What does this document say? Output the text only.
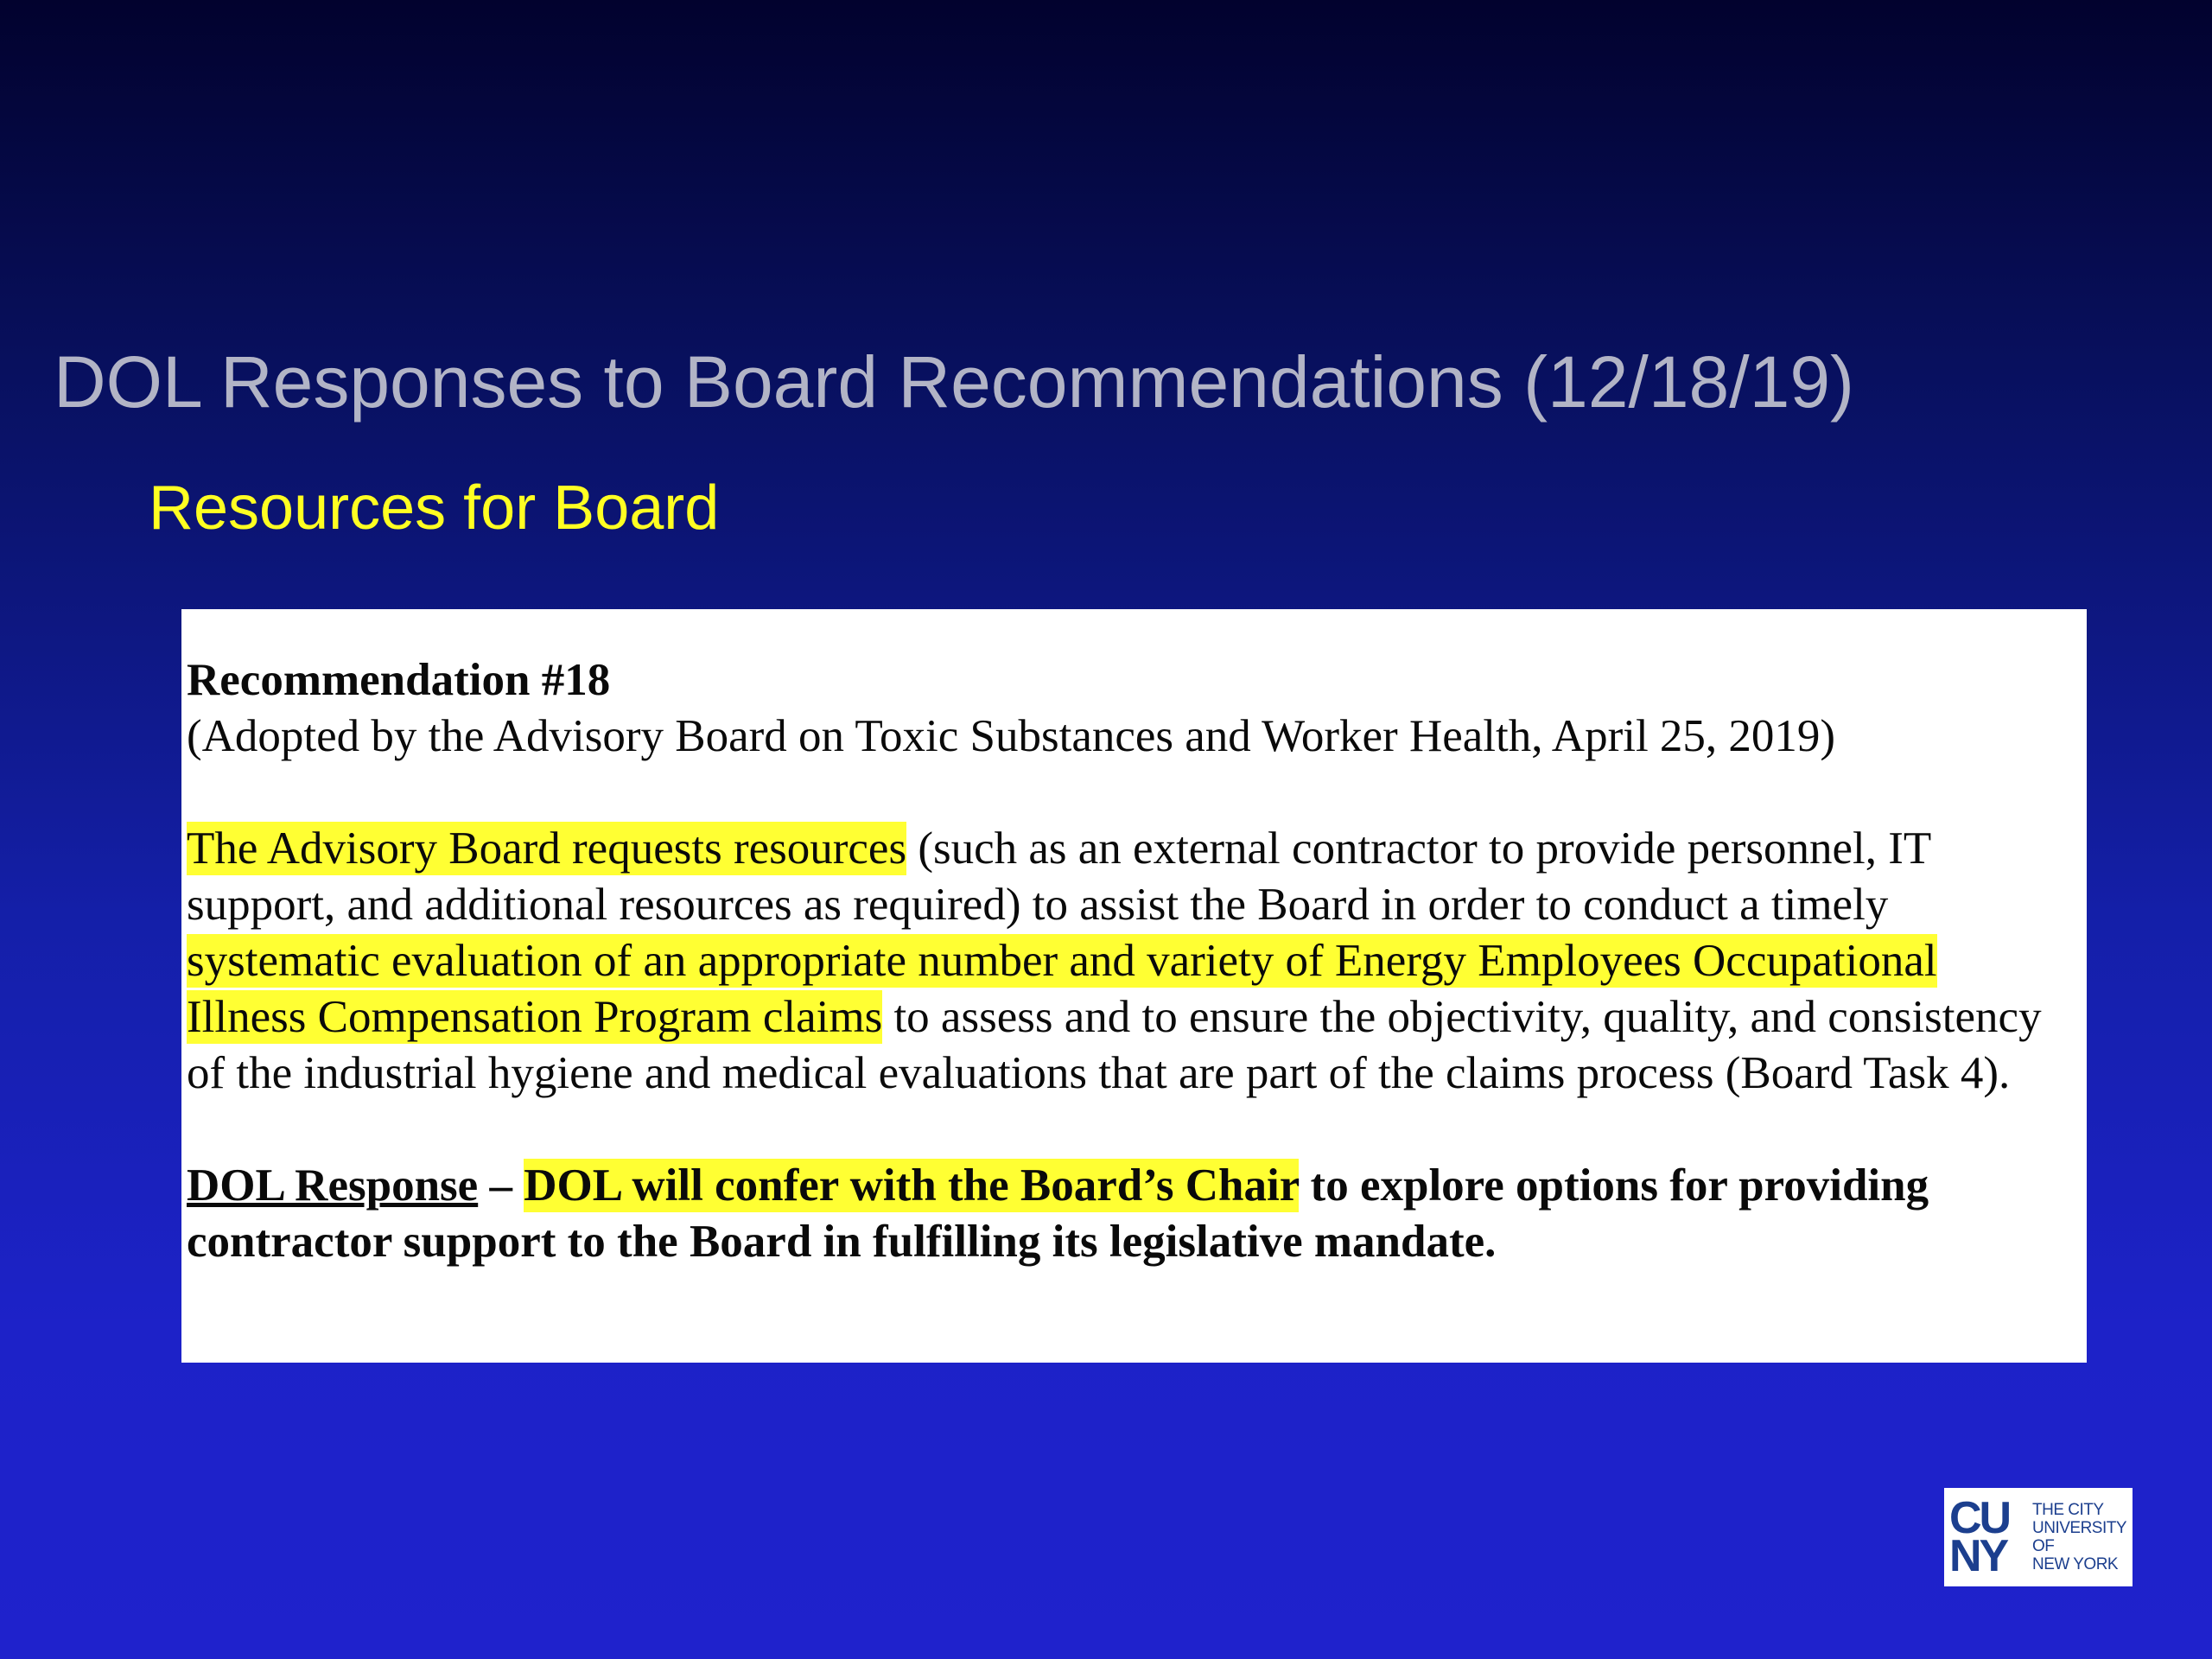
DOL Responses to Board Recommendations (12/18/19)
Resources for Board

Recommendation #18

(Adopted by the Advisory Board on Toxic Substances and Worker Health, April 25, 2019)

The Advisory Board requests resources (such as an external contractor to provide personnel, IT support, and additional resources as required) to assist the Board in order to conduct a timely systematic evaluation of an appropriate number and variety of Energy Employees Occupational Illness Compensation Program claims to assess and to ensure the objectivity, quality, and consistency of the industrial hygiene and medical evaluations that are part of the claims process (Board Task 4).

DOL Response – DOL will confer with the Board’s Chair to explore options for providing contractor support to the Board in fulfilling its legislative mandate.

CU
NY
THE CITY
UNIVERSITY
OF
NEW YORK
